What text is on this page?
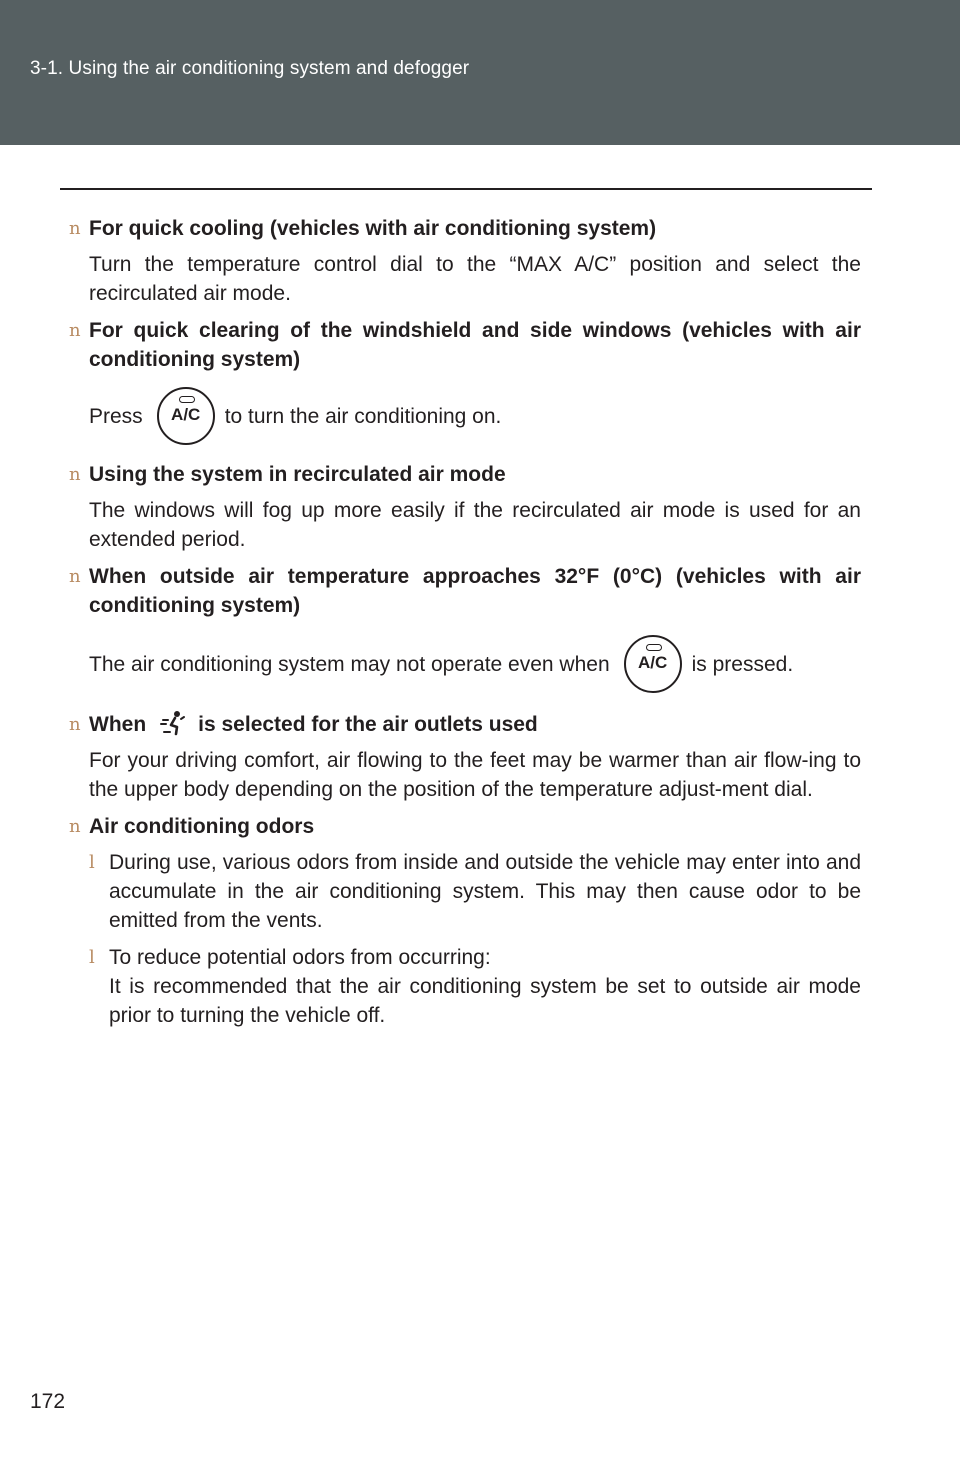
3-1. Using the air conditioning system and defogger
n For quick cooling (vehicles with air conditioning system)
Turn the temperature control dial to the “MAX A/C” position and select the recirculated air mode.
n For quick clearing of the windshield and side windows (vehicles with air conditioning system)
Press	A/C	to turn the air conditioning on.
n Using the system in recirculated air mode
The windows will fog up more easily if the recirculated air mode is used for an extended period.
n When outside air temperature approaches 32°F (0°C) (vehicles with air conditioning system)
The air conditioning system may not operate even when	A/C	is pressed.
n When is selected for the air outlets used
For your driving comfort, air flowing to the feet may be warmer than air flow-ing to the upper body depending on the position of the temperature adjust-ment dial.
n Air conditioning odors
l During use, various odors from inside and outside the vehicle may enter into and accumulate in the air conditioning system. This may then cause odor to be emitted from the vents.
l To reduce potential odors from occurring:
It is recommended that the air conditioning system be set to outside air mode prior to turning the vehicle off.
172
